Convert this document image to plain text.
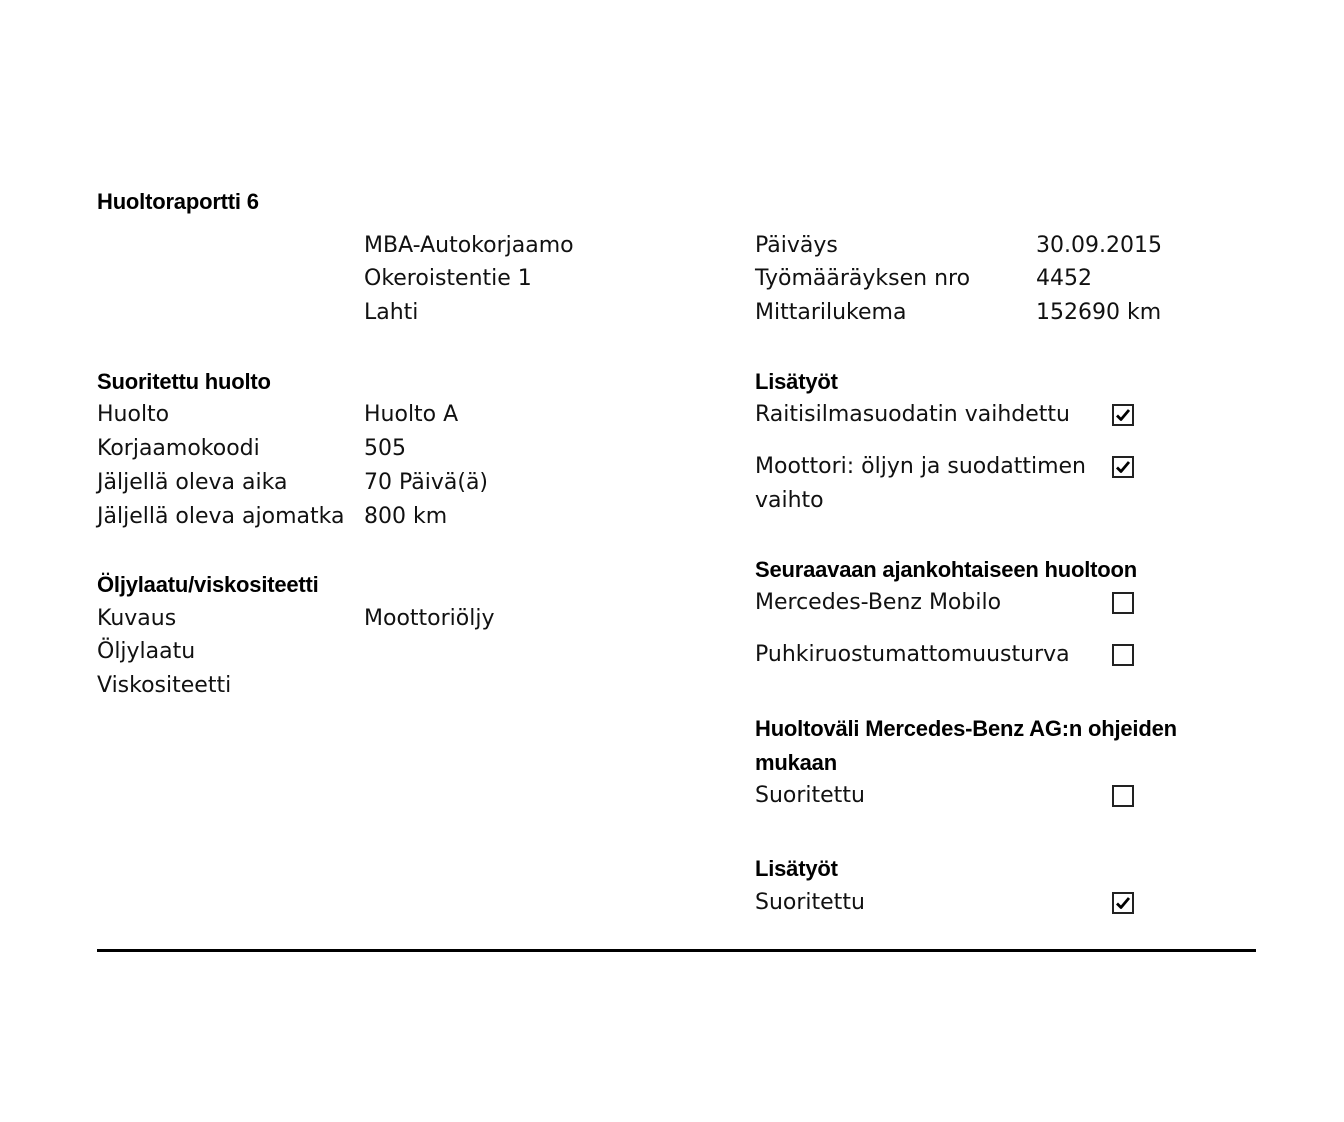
Huoltoraportti 6
MBA-Autokorjaamo
Okeroistentie 1
Lahti
Päiväys	30.09.2015
Työmääräyksen nro	4452
Mittarilukema	152690 km
Suoritettu huolto
Huolto	Huolto A
Korjaamokoodi	505
Jäljellä oleva aika	70 Päivä(ä)
Jäljellä oleva ajomatka 800 km
Öljylaatu/viskositeetti
Kuvaus	Moottoriöljy
Öljylaatu
Viskositeetti
Lisätyöt
Raitisilmasuodatin vaihdettu
Moottori: öljyn ja suodattimen
vaihto
Seuraavaan ajankohtaiseen huoltoon
Mercedes-Benz Mobilo
Puhkiruostumattomuusturva
Huoltoväli Mercedes-Benz AG:n ohjeiden
mukaan
Suoritettu
Lisätyöt
Suoritettu
